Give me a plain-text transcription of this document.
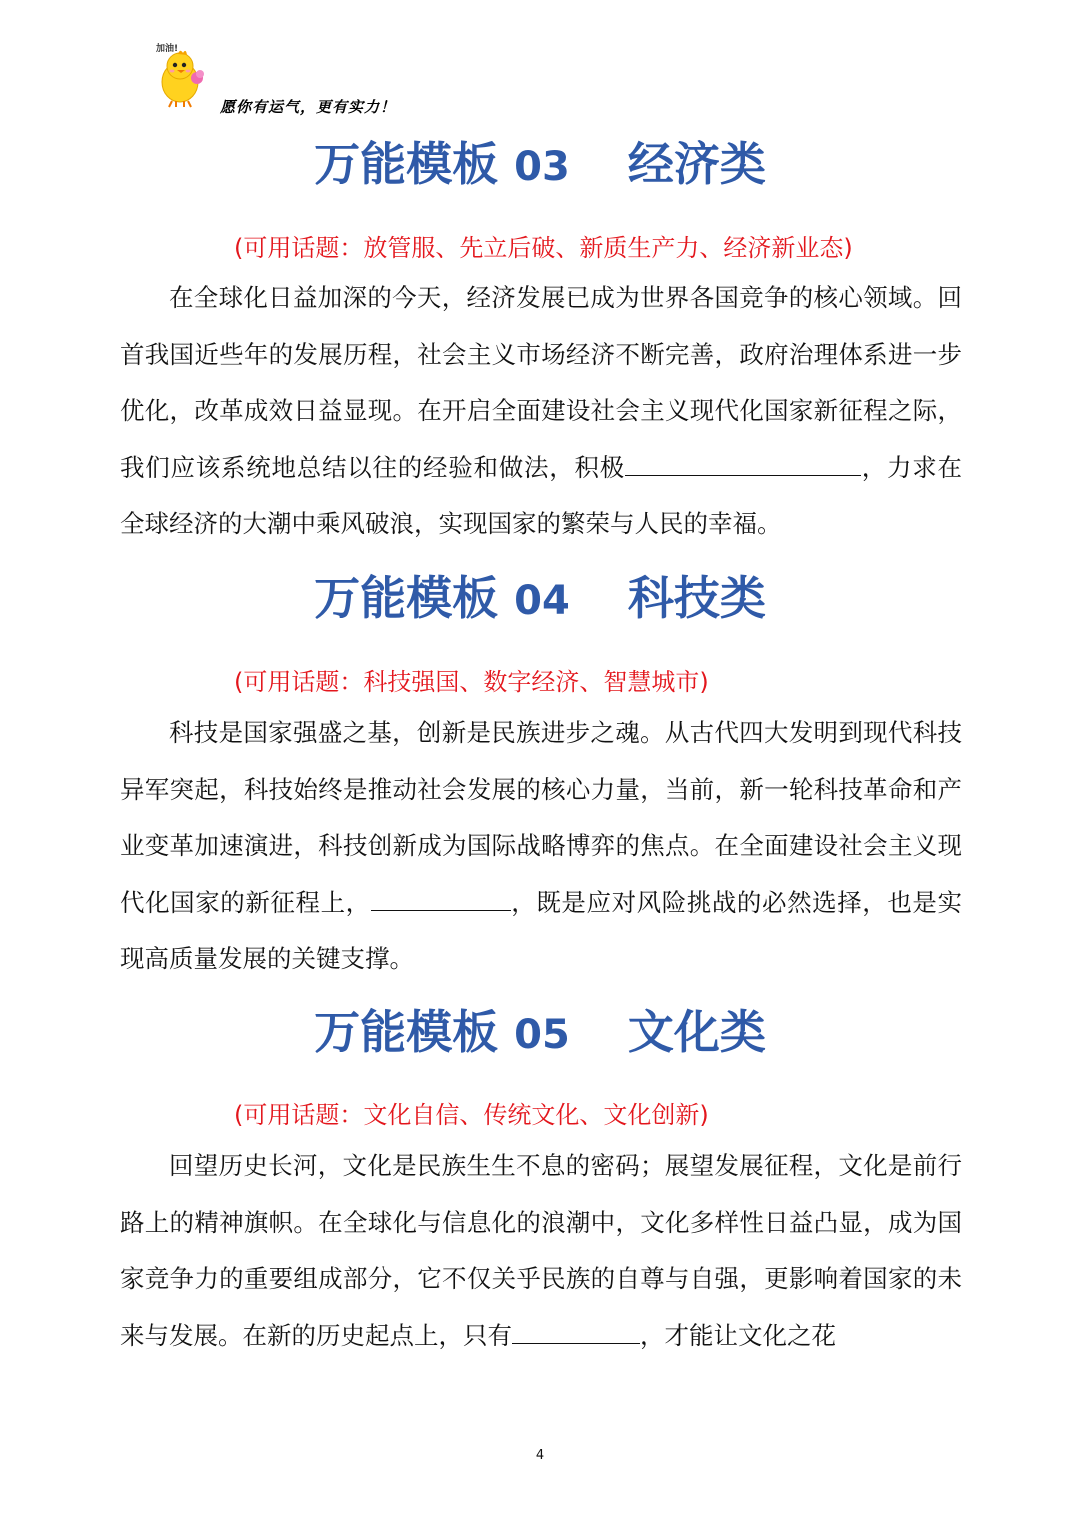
加油!
愿你有运气，更有实力！
万能模板 03 经济类
(可用话题：放管服、先立后破、新质生产力、经济新业态)
在全球化日益加深的今天，经济发展已成为世界各国竞争的核心领域。回首我国近些年的发展历程，社会主义市场经济不断完善，政府治理体系进一步优化，改革成效日益显现。在开启全面建设社会主义现代化国家新征程之际，我们应该系统地总结以往的经验和做法，积极	，力求在全球经济的大潮中乘风破浪，实现国家的繁荣与人民的幸福。
万能模板 04 科技类
(可用话题：科技强国、数字经济、智慧城市)
科技是国家强盛之基，创新是民族进步之魂。从古代四大发明到现代科技异军突起，科技始终是推动社会发展的核心力量，当前，新一轮科技革命和产业变革加速演进，科技创新成为国际战略博弈的焦点。在全面建设社会主义现代化国家的新征程上，	，既是应对风险挑战的必然选择，也是实现高质量发展的关键支撑。
万能模板 05 文化类
(可用话题：文化自信、传统文化、文化创新)
回望历史长河，文化是民族生生不息的密码；展望发展征程，文化是前行路上的精神旗帜。在全球化与信息化的浪潮中，文化多样性日益凸显，成为国家竞争力的重要组成部分，它不仅关乎民族的自尊与自强，更影响着国家的未来与发展。在新的历史起点上，只有	，才能让文化之花
4
